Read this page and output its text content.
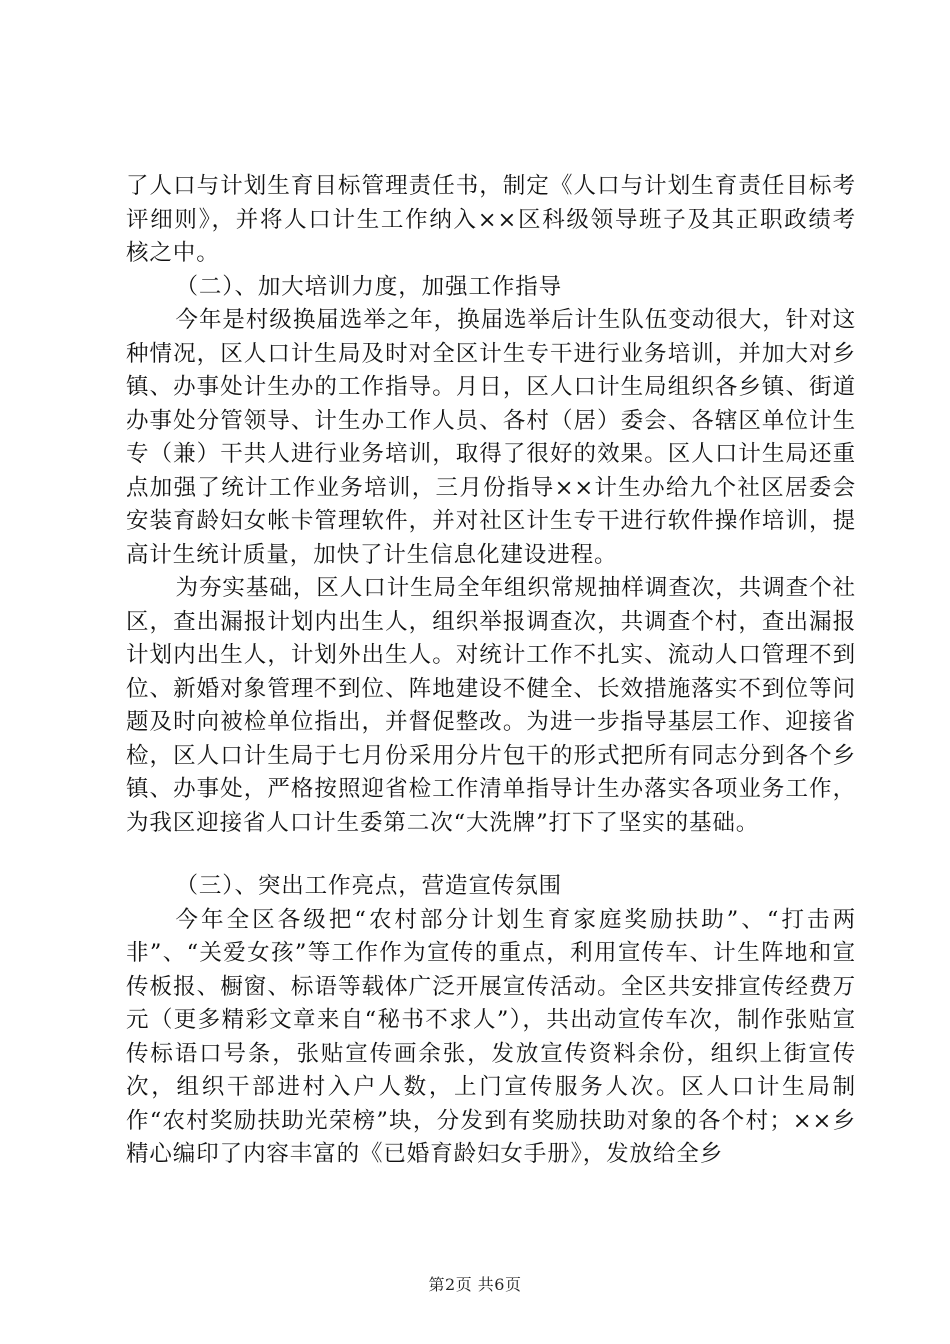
了人口与计划生育目标管理责任书，制定《人口与计划生育责任目标考评细则》，并将人口计生工作纳入××区科级领导班子及其正职政绩考核之中。

（二）、加大培训力度，加强工作指导

今年是村级换届选举之年，换届选举后计生队伍变动很大，针对这种情况，区人口计生局及时对全区计生专干进行业务培训，并加大对乡镇、办事处计生办的工作指导。月日，区人口计生局组织各乡镇、街道办事处分管领导、计生办工作人员、各村（居）委会、各辖区单位计生专（兼）干共人进行业务培训，取得了很好的效果。区人口计生局还重点加强了统计工作业务培训，三月份指导××计生办给九个社区居委会安装育龄妇女帐卡管理软件，并对社区计生专干进行软件操作培训，提高计生统计质量，加快了计生信息化建设进程。

为夯实基础，区人口计生局全年组织常规抽样调查次，共调查个社区，查出漏报计划内出生人，组织举报调查次，共调查个村，查出漏报计划内出生人，计划外出生人。对统计工作不扎实、流动人口管理不到位、新婚对象管理不到位、阵地建设不健全、长效措施落实不到位等问题及时向被检单位指出，并督促整改。为进一步指导基层工作、迎接省检，区人口计生局于七月份采用分片包干的形式把所有同志分到各个乡镇、办事处，严格按照迎省检工作清单指导计生办落实各项业务工作，为我区迎接省人口计生委第二次“大洗牌”打下了坚实的基础。

（三）、突出工作亮点，营造宣传氛围

今年全区各级把“农村部分计划生育家庭奖励扶助”、“打击两非”、“关爱女孩”等工作作为宣传的重点，利用宣传车、计生阵地和宣传板报、橱窗、标语等载体广泛开展宣传活动。全区共安排宣传经费万元（更多精彩文章来自“秘书不求人”），共出动宣传车次，制作张贴宣传标语口号条，张贴宣传画余张，发放宣传资料余份，组织上街宣传次，组织干部进村入户人数，上门宣传服务人次。区人口计生局制作“农村奖励扶助光荣榜”块，分发到有奖励扶助对象的各个村；××乡精心编印了内容丰富的《已婚育龄妇女手册》，发放给全乡

第2页 共6页
